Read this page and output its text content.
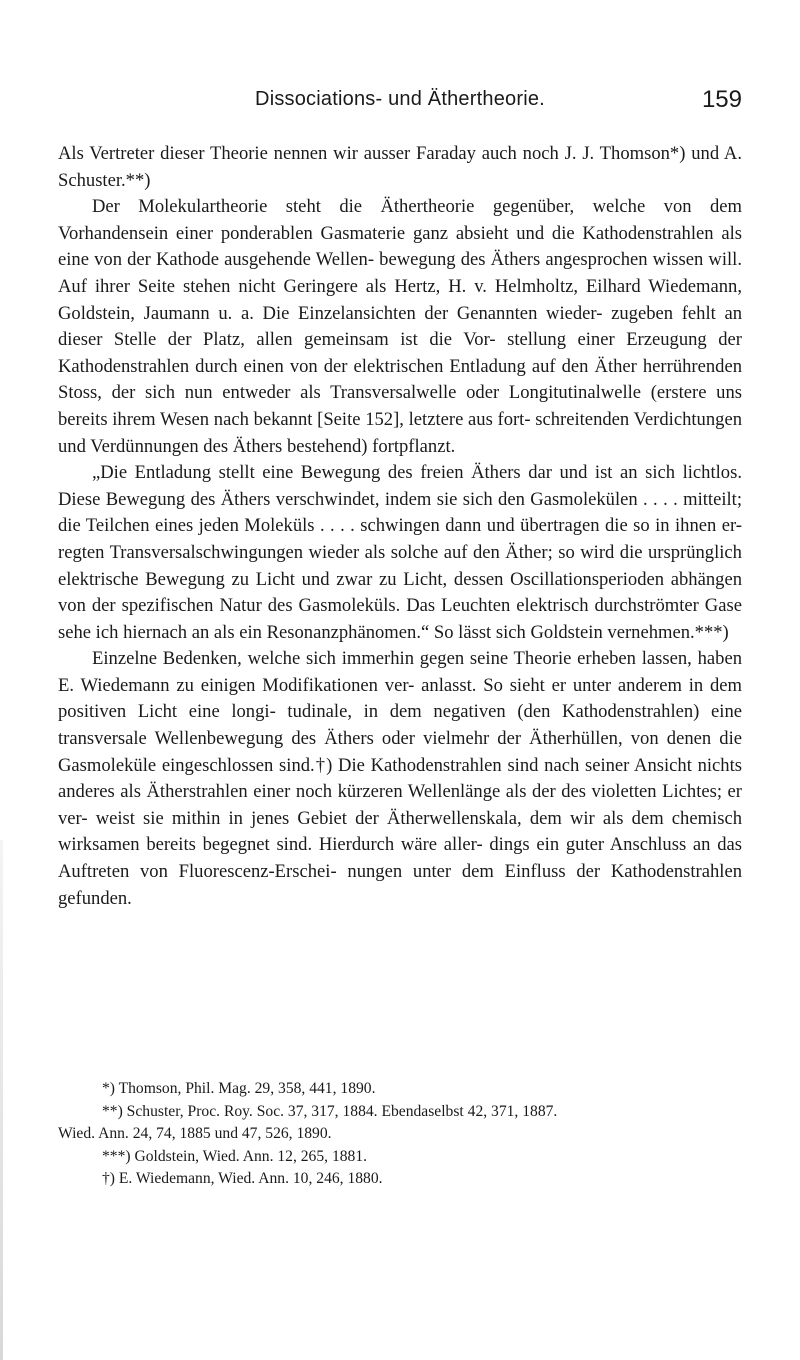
Dissociations- und Äthertheorie.	159

Als Vertreter dieser Theorie nennen wir ausser Faraday auch noch J. J. Thomson*) und A. Schuster.**)

Der Molekulartheorie steht die Äthertheorie gegenüber, welche von dem Vorhandensein einer ponderablen Gasmaterie ganz absieht und die Kathodenstrahlen als eine von der Kathode ausgehende Wellen- bewegung des Äthers angesprochen wissen will. Auf ihrer Seite stehen nicht Geringere als Hertz, H. v. Helmholtz, Eilhard Wiedemann, Goldstein, Jaumann u. a. Die Einzelansichten der Genannten wieder- zugeben fehlt an dieser Stelle der Platz, allen gemeinsam ist die Vor- stellung einer Erzeugung der Kathodenstrahlen durch einen von der elektrischen Entladung auf den Äther herrührenden Stoss, der sich nun entweder als Transversalwelle oder Longitutinalwelle (erstere uns bereits ihrem Wesen nach bekannt [Seite 152], letztere aus fort- schreitenden Verdichtungen und Verdünnungen des Äthers bestehend) fortpflanzt.

„Die Entladung stellt eine Bewegung des freien Äthers dar und ist an sich lichtlos. Diese Bewegung des Äthers verschwindet, indem sie sich den Gasmolekülen . . . . mitteilt; die Teilchen eines jeden Moleküls . . . . schwingen dann und übertragen die so in ihnen er- regten Transversalschwingungen wieder als solche auf den Äther; so wird die ursprünglich elektrische Bewegung zu Licht und zwar zu Licht, dessen Oscillationsperioden abhängen von der spezifischen Natur des Gasmoleküls. Das Leuchten elektrisch durchströmter Gase sehe ich hiernach an als ein Resonanzphänomen.“ So lässt sich Goldstein vernehmen.***)

Einzelne Bedenken, welche sich immerhin gegen seine Theorie erheben lassen, haben E. Wiedemann zu einigen Modifikationen ver- anlasst. So sieht er unter anderem in dem positiven Licht eine longi- tudinale, in dem negativen (den Kathodenstrahlen) eine transversale Wellenbewegung des Äthers oder vielmehr der Ätherhüllen, von denen die Gasmoleküle eingeschlossen sind.†) Die Kathodenstrahlen sind nach seiner Ansicht nichts anderes als Ätherstrahlen einer noch kürzeren Wellenlänge als der des violetten Lichtes; er ver- weist sie mithin in jenes Gebiet der Ätherwellenskala, dem wir als dem chemisch wirksamen bereits begegnet sind. Hierdurch wäre aller- dings ein guter Anschluss an das Auftreten von Fluorescenz-Erschei- nungen unter dem Einfluss der Kathodenstrahlen gefunden.

*) Thomson, Phil. Mag. 29, 358, 441, 1890.
**) Schuster, Proc. Roy. Soc. 37, 317, 1884. Ebendaselbst 42, 371, 1887.
Wied. Ann. 24, 74, 1885 und 47, 526, 1890.
***) Goldstein, Wied. Ann. 12, 265, 1881.
†) E. Wiedemann, Wied. Ann. 10, 246, 1880.
